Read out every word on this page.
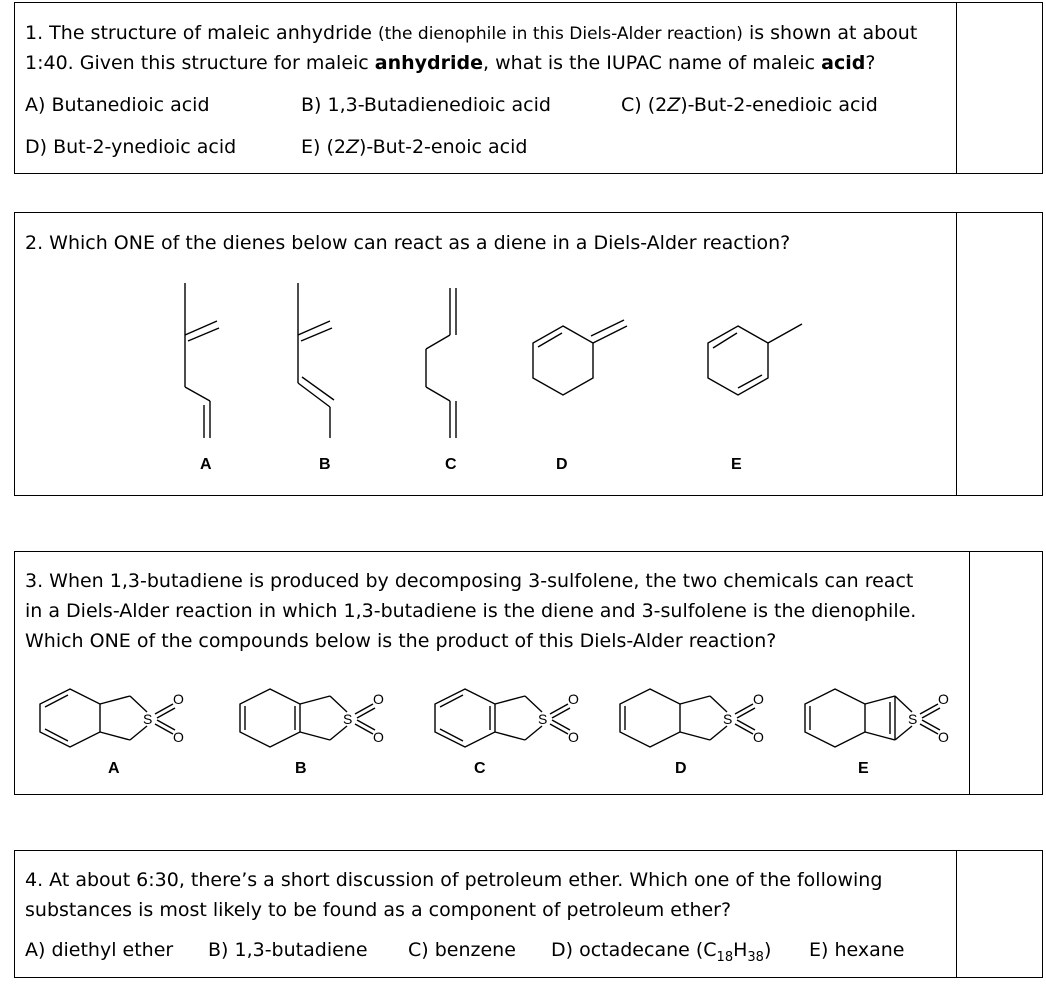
1. The structure of maleic anhydride (the dienophile in this Diels-Alder reaction) is shown at about
1:40. Given this structure for maleic anhydride, what is the IUPAC name of maleic acid?
A) Butanedioic acid	B) 1,3-Butadienedioic acid	C) (2Z)-But-2-enedioic acid
D) But-2-ynedioic acid	E) (2Z)-But-2-enoic acid
2. Which ONE of the dienes below can react as a diene in a Diels-Alder reaction?
A	B	C	D	E
3. When 1,3-butadiene is produced by decomposing 3-sulfolene, the two chemicals can react
in a Diels-Alder reaction in which 1,3-butadiene is the diene and 3-sulfolene is the dienophile.
Which ONE of the compounds below is the product of this Diels-Alder reaction?
S
O
O
S
O
O
S
O
O
S
O
O
S
O
O
A	B	C	D	E
4. At about 6:30, there’s a short discussion of petroleum ether. Which one of the following
substances is most likely to be found as a component of petroleum ether?
A) diethyl ether B) 1,3-butadiene C) benzene D) octadecane $(C_{18}H_{38})$ E) hexane
